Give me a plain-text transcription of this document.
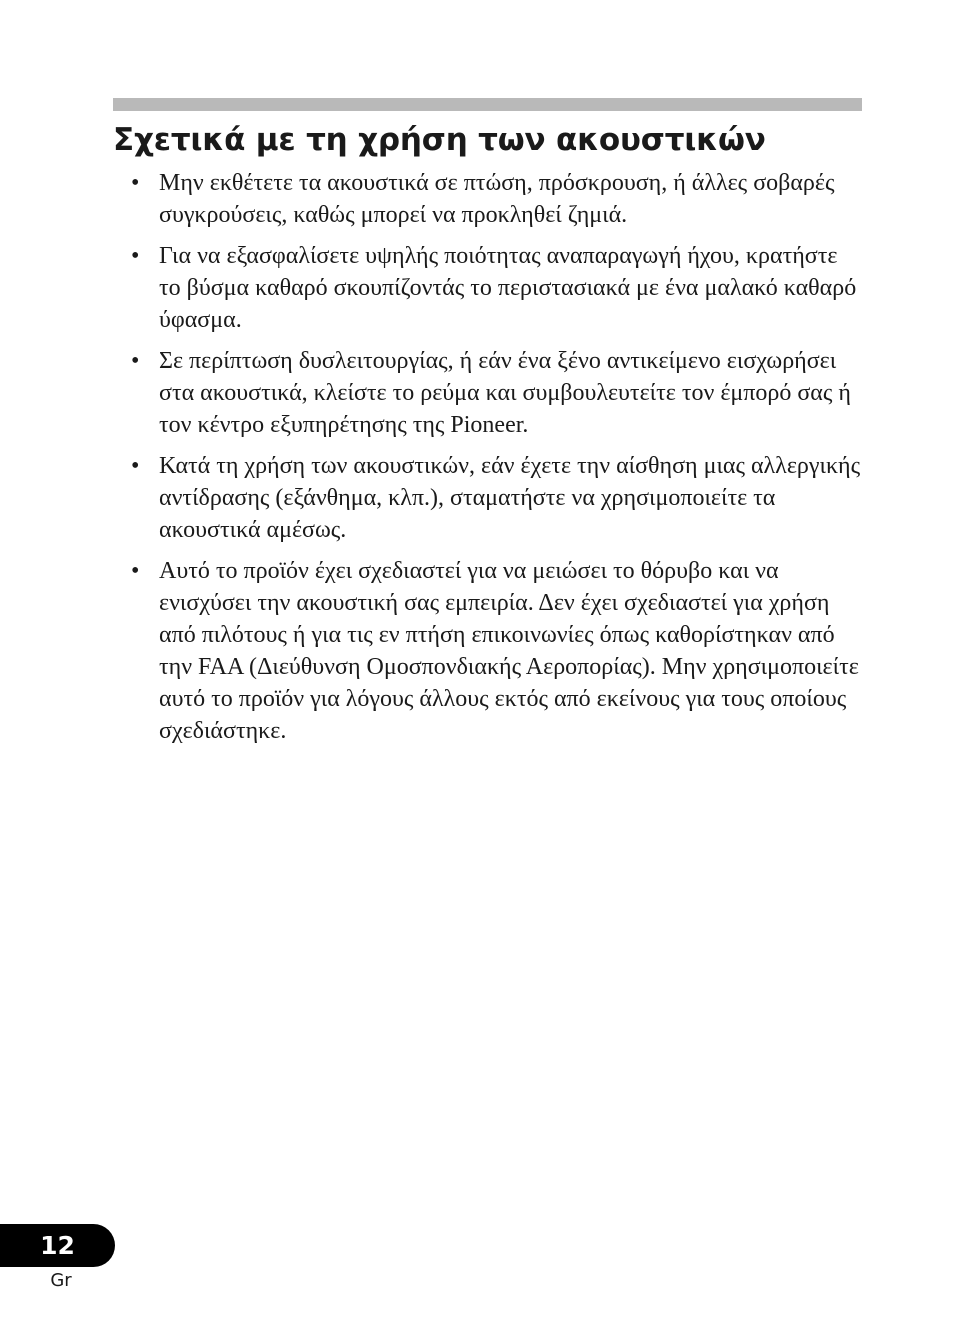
Σχετικά με τη χρήση των ακουστικών
• Μην εκθέτετε τα ακουστικά σε πτώση, πρόσκρουση, ή άλλες σοβαρές συγκρούσεις, καθώς μπορεί να προκληθεί ζημιά.
• Για να εξασφαλίσετε υψηλής ποιότητας αναπαραγωγή ήχου, κρατήστε το βύσμα καθαρό σκουπίζοντάς το περιστασιακά με ένα μαλακό καθαρό ύφασμα.
• Σε περίπτωση δυσλειτουργίας, ή εάν ένα ξένο αντικείμενο εισχωρήσει στα ακουστικά, κλείστε το ρεύμα και συμβουλευτείτε τον έμπορό σας ή τον κέντρο εξυπηρέτησης της Pioneer.
• Κατά τη χρήση των ακουστικών, εάν έχετε την αίσθηση μιας αλλεργικής αντίδρασης (εξάνθημα, κλπ.), σταματήστε να χρησιμοποιείτε τα ακουστικά αμέσως.
• Αυτό το προϊόν έχει σχεδιαστεί για να μειώσει το θόρυβο και να ενισχύσει την ακουστική σας εμπειρία. Δεν έχει σχεδιαστεί για χρήση από πιλότους ή για τις εν πτήση επικοινωνίες όπως καθορίστηκαν από την FAA (Διεύθυνση Ομοσπονδιακής Αεροπορίας). Μην χρησιμοποιείτε αυτό το προϊόν για λόγους άλλους εκτός από εκείνους για τους οποίους σχεδιάστηκε.
12
Gr
